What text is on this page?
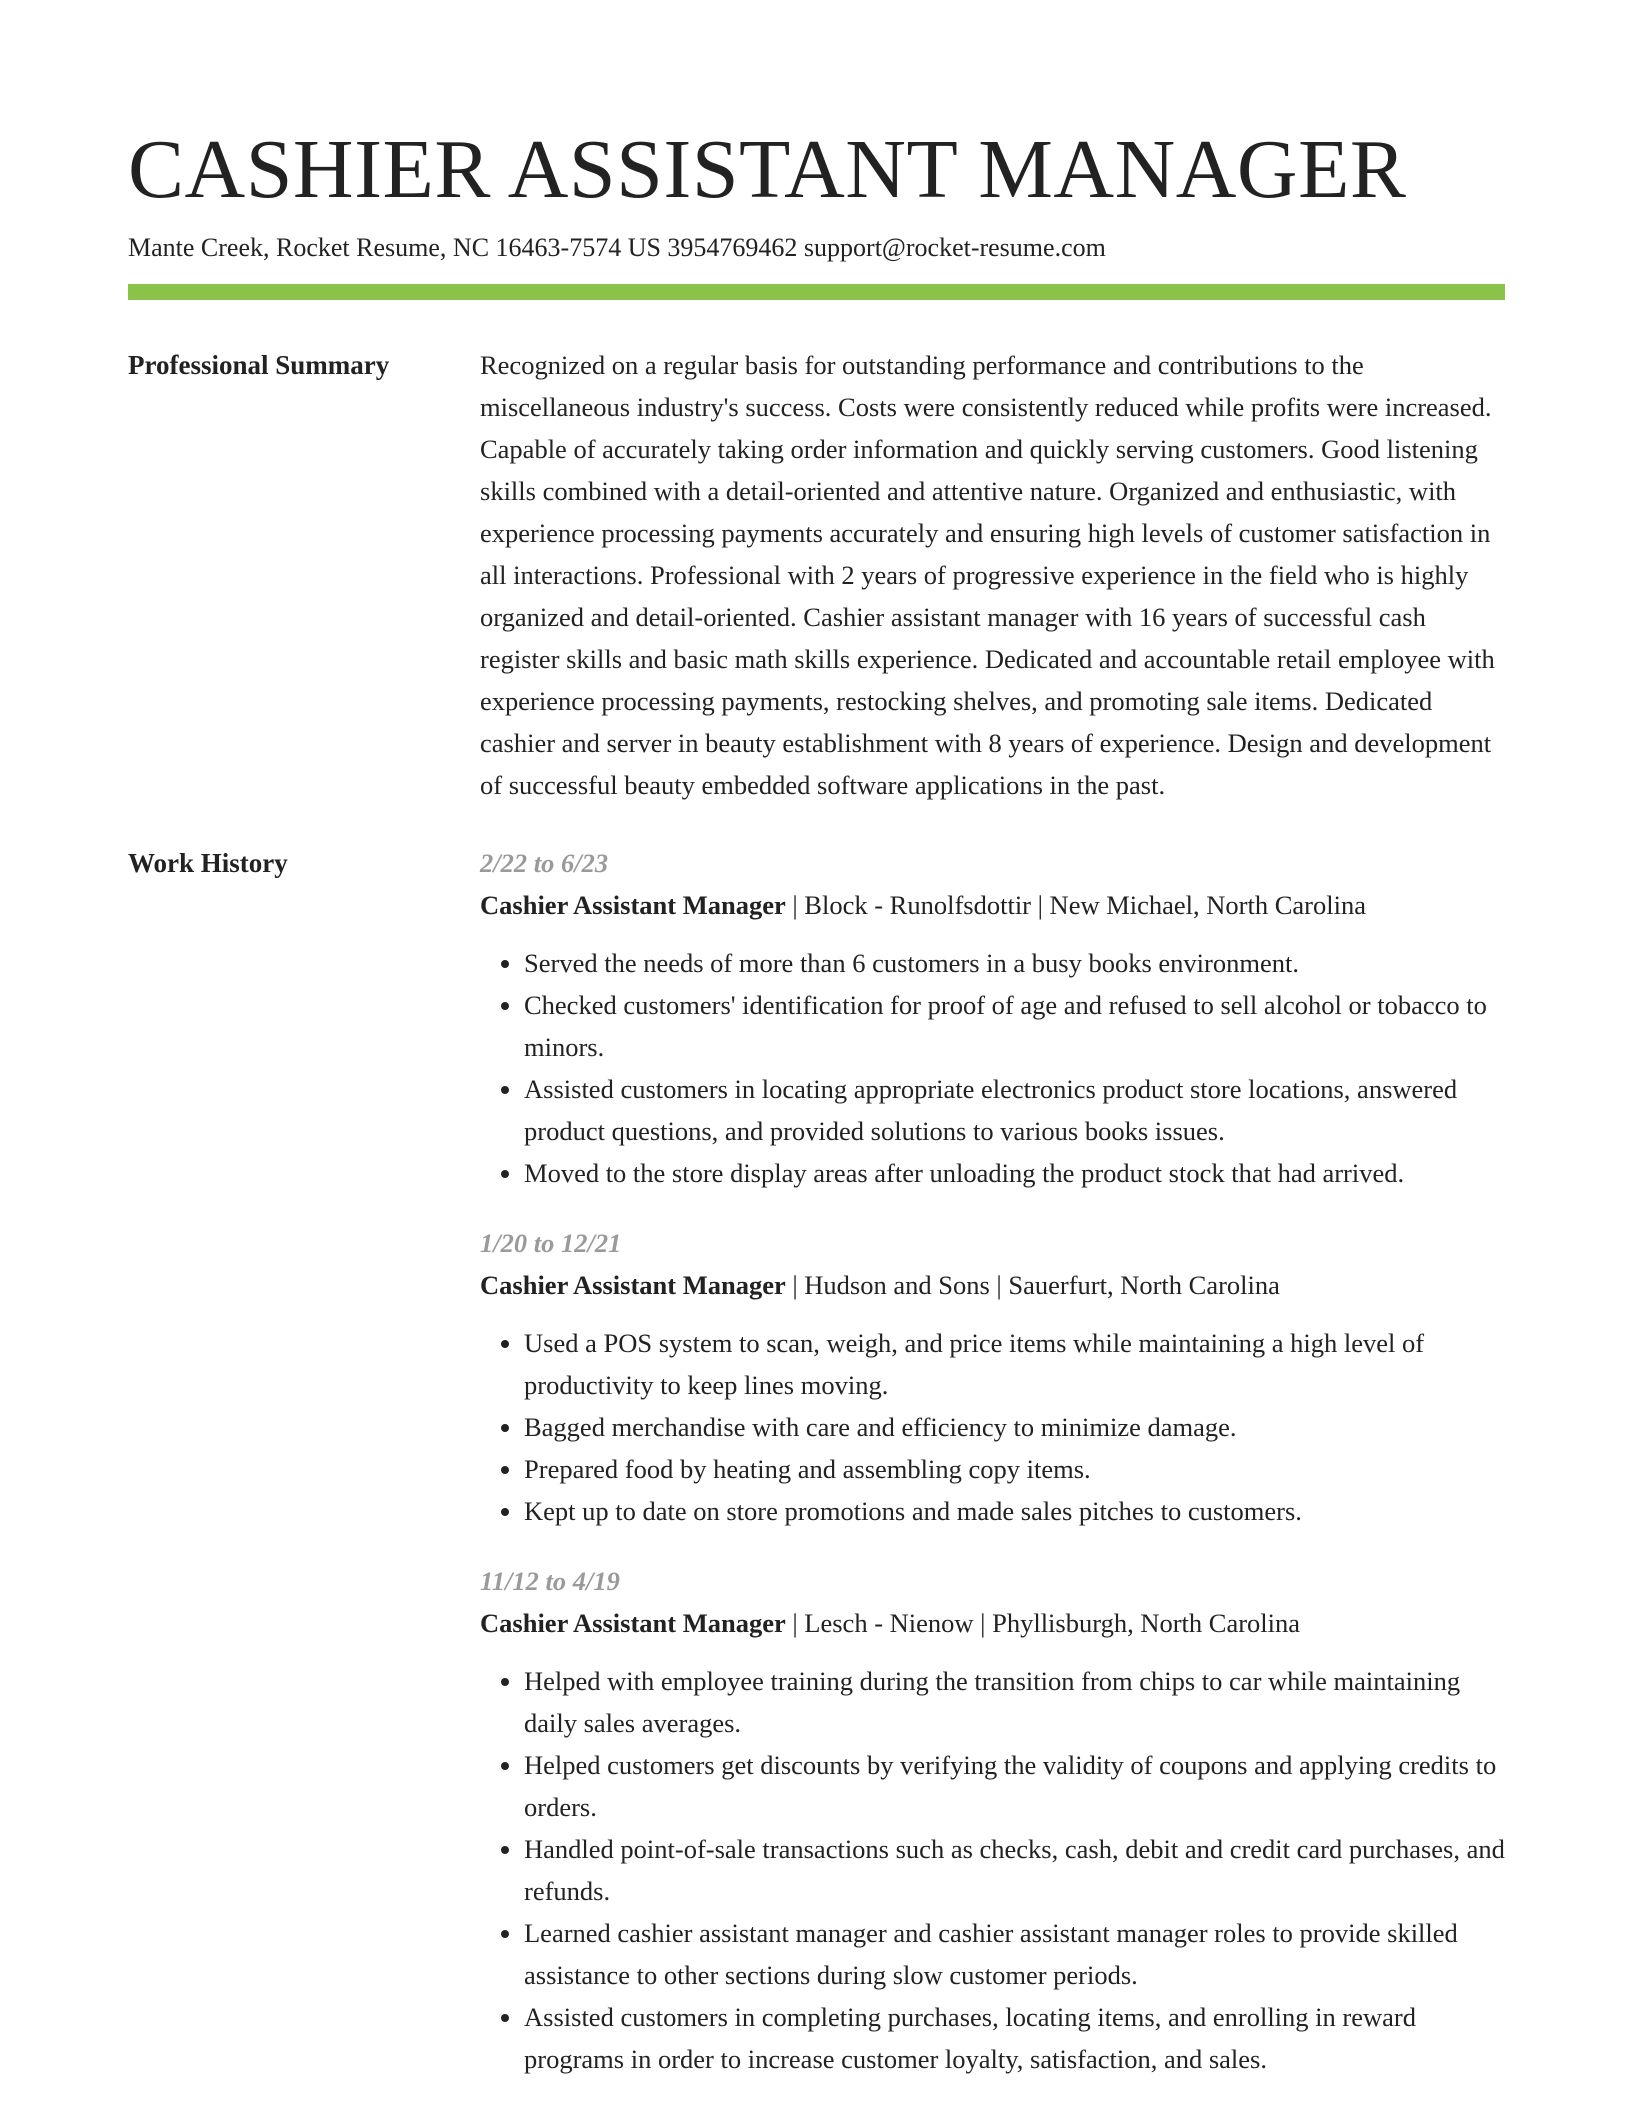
CASHIER ASSISTANT MANAGER
Mante Creek, Rocket Resume, NC 16463-7574 US 3954769462 support@rocket-resume.com
Professional Summary	Recognized on a regular basis for outstanding performance and contributions to the miscellaneous industry's success. Costs were consistently reduced while profits were increased. Capable of accurately taking order information and quickly serving customers. Good listening skills combined with a detail-oriented and attentive nature. Organized and enthusiastic, with experience processing payments accurately and ensuring high levels of customer satisfaction in all interactions. Professional with 2 years of progressive experience in the field who is highly organized and detail-oriented. Cashier assistant manager with 16 years of successful cash register skills and basic math skills experience. Dedicated and accountable retail employee with experience processing payments, restocking shelves, and promoting sale items. Dedicated cashier and server in beauty establishment with 8 years of experience. Design and development of successful beauty embedded software applications in the past.

Work History	2/22 to 6/23
Cashier Assistant Manager | Block - Runolfsdottir | New Michael, North Carolina
• Served the needs of more than 6 customers in a busy books environment.
• Checked customers' identification for proof of age and refused to sell alcohol or tobacco to minors.
• Assisted customers in locating appropriate electronics product store locations, answered product questions, and provided solutions to various books issues.
• Moved to the store display areas after unloading the product stock that had arrived.
1/20 to 12/21
Cashier Assistant Manager | Hudson and Sons | Sauerfurt, North Carolina
• Used a POS system to scan, weigh, and price items while maintaining a high level of productivity to keep lines moving.
• Bagged merchandise with care and efficiency to minimize damage.
• Prepared food by heating and assembling copy items.
• Kept up to date on store promotions and made sales pitches to customers.
11/12 to 4/19
Cashier Assistant Manager | Lesch - Nienow | Phyllisburgh, North Carolina
• Helped with employee training during the transition from chips to car while maintaining daily sales averages.
• Helped customers get discounts by verifying the validity of coupons and applying credits to orders.
• Handled point-of-sale transactions such as checks, cash, debit and credit card purchases, and refunds.
• Learned cashier assistant manager and cashier assistant manager roles to provide skilled assistance to other sections during slow customer periods.
• Assisted customers in completing purchases, locating items, and enrolling in reward programs in order to increase customer loyalty, satisfaction, and sales.
